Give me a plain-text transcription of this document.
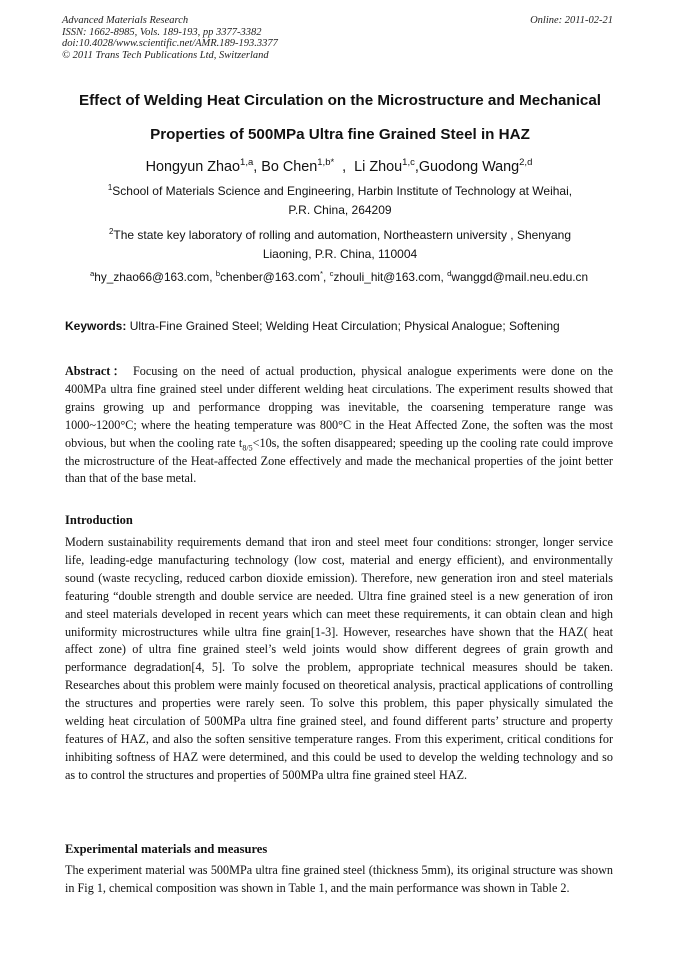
Advanced Materials Research
ISSN: 1662-8985, Vols. 189-193, pp 3377-3382
doi:10.4028/www.scientific.net/AMR.189-193.3377
© 2011 Trans Tech Publications Ltd, Switzerland
Online: 2011-02-21
Effect of Welding Heat Circulation on the Microstructure and Mechanical
Properties of 500MPa Ultra fine Grained Steel in HAZ
Hongyun Zhao$^{1,a}$, Bo Chen$^{1,b*}$  ,  Li Zhou$^{1,c}$,Guodong Wang$^{2,d}$
$^1$School of Materials Science and Engineering, Harbin Institute of Technology at Weihai,
P.R. China, 264209
$^2$The state key laboratory of rolling and automation, Northeastern university , Shenyang
Liaoning, P.R. China, 110004
$^a$hy_zhao66@163.com, $^b$chenber@163.com*, $^c$zhouli_hit@163.com, $^d$wanggd@mail.neu.edu.cn
Keywords: Ultra-Fine Grained Steel; Welding Heat Circulation; Physical Analogue; Softening
Abstract： Focusing on the need of actual production, physical analogue experiments were done on the 400MPa ultra fine grained steel under different welding heat circulations. The experiment results showed that grains growing up and performance dropping was inevitable, the coarsening temperature range was 1000~1200°C; where the heating temperature was 800°C in the Heat Affected Zone, the soften was the most obvious, but when the cooling rate $t_{8/5}<10s$, the soften disappeared; speeding up the cooling rate could improve the microstructure of the Heat-affected Zone effectively and made the mechanical properties of the joint better than that of the base metal.
Introduction
Modern sustainability requirements demand that iron and steel meet four conditions: stronger, longer service life, leading-edge manufacturing technology (low cost, material and energy efficient), and environmentally sound (waste recycling, reduced carbon dioxide emission). Therefore, new generation iron and steel materials featuring “double strength and double service are needed. Ultra fine grained steel is a new generation of iron and steel materials developed in recent years which can meet these requirements, it can obtain clean and high uniformity microstructures while ultra fine grain[1-3]. However, researches have shown that the HAZ( heat affect zone) of ultra fine grained steel’s weld joints would show different degrees of grain growth and performance degradation[4, 5]. To solve the problem, appropriate technical measures should be taken. Researches about this problem were mainly focused on theoretical analysis, practical applications of controlling the structures and properties were rarely seen. To solve this problem, this paper physically simulated the welding heat circulation of 500MPa ultra fine grained steel, and found different parts’ structure and property features of HAZ, and also the soften sensitive temperature ranges. From this experiment, critical conditions for inhibiting softness of HAZ were determined, and this could be used to develop the welding technology and so as to control the structures and properties of 500MPa ultra fine grained steel HAZ.
Experimental materials and measures
The experiment material was 500MPa ultra fine grained steel (thickness 5mm), its original structure was shown in Fig 1, chemical composition was shown in Table 1, and the main performance was shown in Table 2.
